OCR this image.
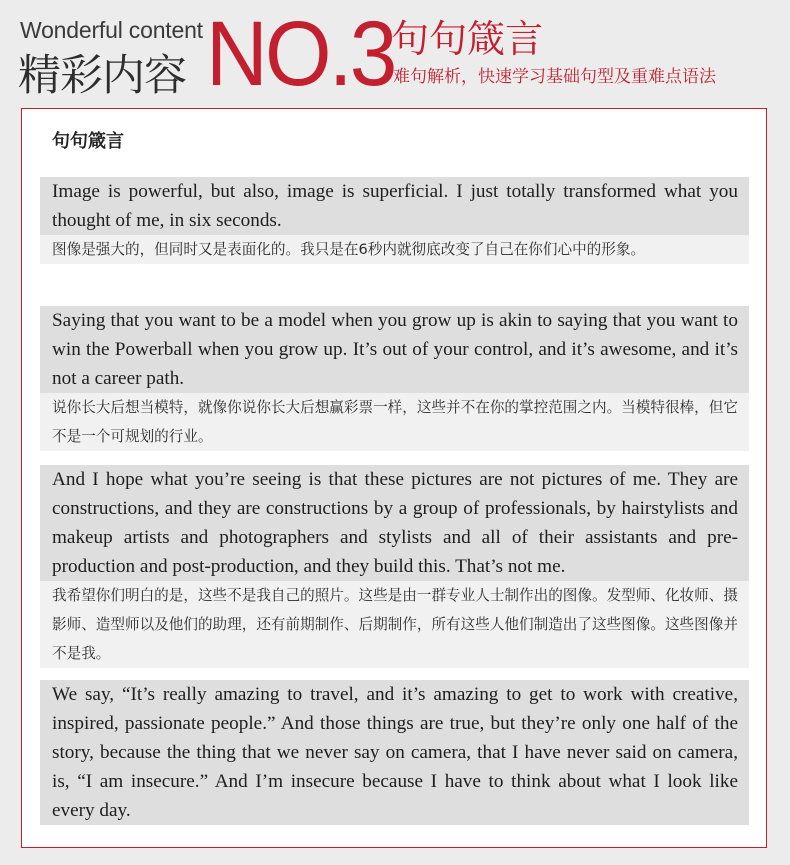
Wonderful content
精彩内容 NO.3
句句箴言
难句解析，快速学习基础句型及重难点语法
句句箴言
Image is powerful, but also, image is superficial. I just totally transformed what you thought of me, in six seconds.
图像是强大的，但同时又是表面化的。我只是在6秒内就彻底改变了自己在你们心中的形象。
Saying that you want to be a model when you grow up is akin to saying that you want to win the Powerball when you grow up. It’s out of your control, and it’s awesome, and it’s not a career path.
说你长大后想当模特，就像你说你长大后想赢彩票一样，这些并不在你的掌控范围之内。当模特很棒，但它不是一个可规划的行业。
And I hope what you’re seeing is that these pictures are not pictures of me. They are constructions, and they are constructions by a group of professionals, by hairstylists and makeup artists and photographers and stylists and all of their assistants and pre-production and post-production, and they build this. That’s not me.
我希望你们明白的是，这些不是我自己的照片。这些是由一群专业人士制作出的图像。发型师、化妆师、摄影师、造型师以及他们的助理，还有前期制作、后期制作，所有这些人他们制造出了这些图像。这些图像并不是我。
We say, “It’s really amazing to travel, and it’s amazing to get to work with creative, inspired, passionate people.” And those things are true, but they’re only one half of the story, because the thing that we never say on camera, that I have never said on camera, is, “I am insecure.” And I’m insecure because I have to think about what I look like every day.
